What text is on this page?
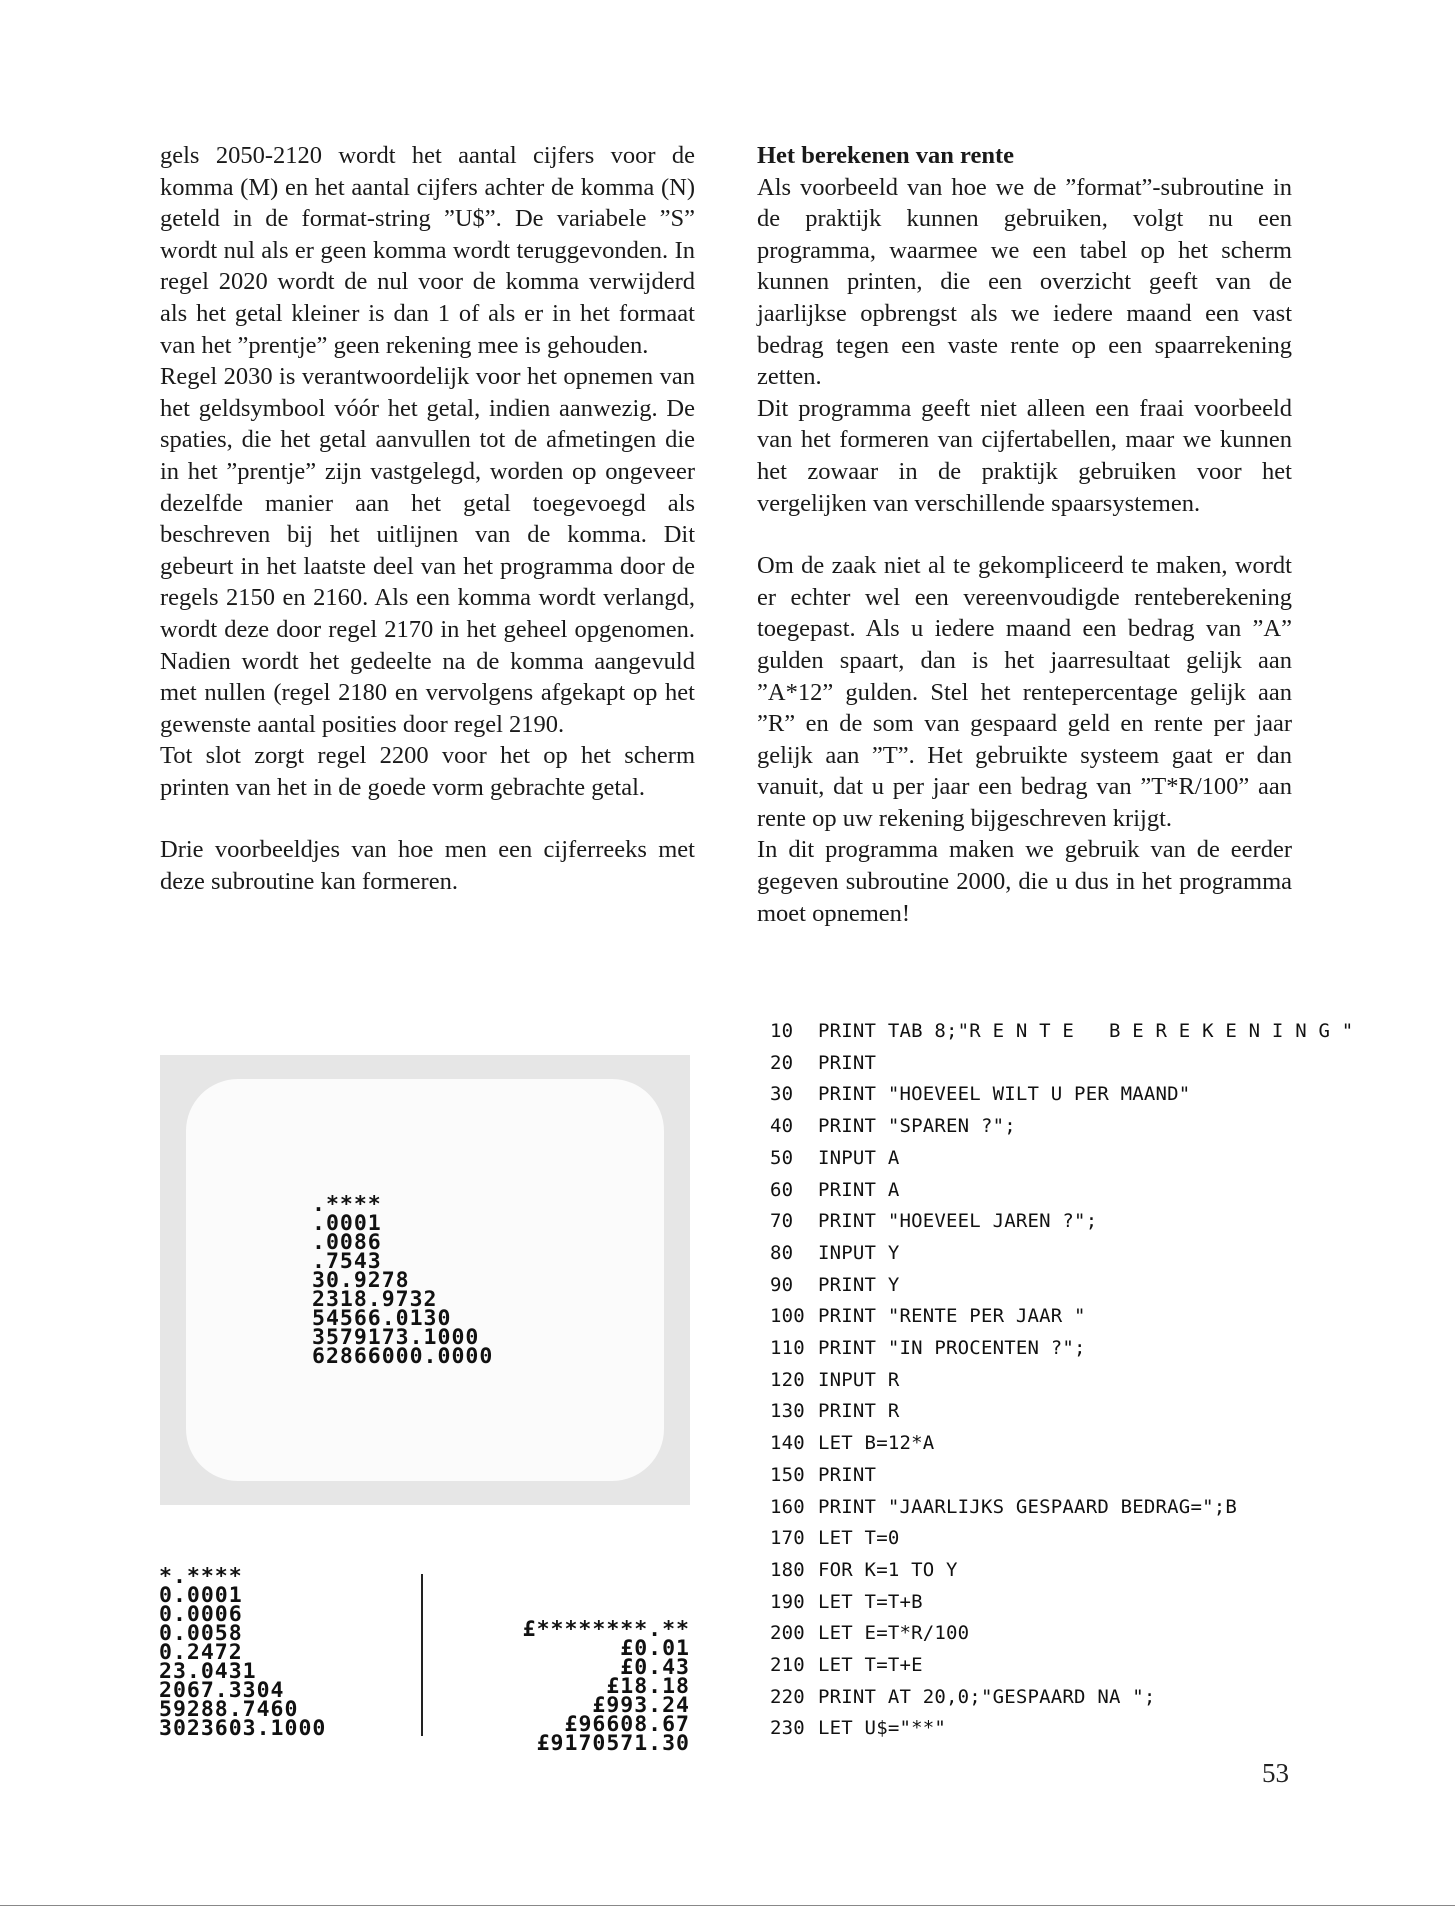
gels 2050-2120 wordt het aantal cijfers voor de komma (M) en het aantal cijfers achter de komma (N) geteld in de format-string ”U$”. De variabele ”S” wordt nul als er geen komma wordt teruggevonden. In regel 2020 wordt de nul voor de komma verwijderd als het getal kleiner is dan 1 of als er in het formaat van het ”prentje” geen rekening mee is gehouden.

Regel 2030 is verantwoordelijk voor het opnemen van het geldsymbool vóór het getal, indien aanwezig. De spaties, die het getal aanvullen tot de afmetingen die in het ”prentje” zijn vastgelegd, worden op ongeveer dezelfde manier aan het getal toegevoegd als beschreven bij het uitlijnen van de komma. Dit gebeurt in het laatste deel van het programma door de regels 2150 en 2160. Als een komma wordt verlangd, wordt deze door regel 2170 in het geheel opgenomen. Nadien wordt het gedeelte na de komma aangevuld met nullen (regel 2180 en vervolgens afgekapt op het gewenste aantal posities door regel 2190.

Tot slot zorgt regel 2200 voor het op het scherm printen van het in de goede vorm gebrachte getal.

Drie voorbeeldjes van hoe men een cijferreeks met deze subroutine kan formeren.

Het berekenen van rente

Als voorbeeld van hoe we de ”format”-subroutine in de praktijk kunnen gebruiken, volgt nu een programma, waarmee we een tabel op het scherm kunnen printen, die een overzicht geeft van de jaarlijkse opbrengst als we iedere maand een vast bedrag tegen een vaste rente op een spaarrekening zetten.

Dit programma geeft niet alleen een fraai voorbeeld van het formeren van cijfertabellen, maar we kunnen het zowaar in de praktijk gebruiken voor het vergelijken van verschillende spaarsystemen.

Om de zaak niet al te gekompliceerd te maken, wordt er echter wel een vereenvoudigde renteberekening toegepast. Als u iedere maand een bedrag van ”A” gulden spaart, dan is het jaarresultaat gelijk aan ”A*12” gulden. Stel het rentepercentage gelijk aan ”R” en de som van gespaard geld en rente per jaar gelijk aan ”T”. Het gebruikte systeem gaat er dan vanuit, dat u per jaar een bedrag van ”T*R/100” aan rente op uw rekening bijgeschreven krijgt.

In dit programma maken we gebruik van de eerder gegeven subroutine 2000, die u dus in het programma moet opnemen!

.****
.0001
.0086
.7543
30.9278
2318.9732
54566.0130
3579173.1000
62866000.0000
*.****
0.0001
0.0006
0.0058
0.2472
23.0431
2067.3304
59288.7460
3023603.1000
£********.**
£0.01
£0.43
£18.18
£993.24
£96608.67
£9170571.30
10 PRINT TAB 8;"R E N T E   B E R E K E N I N G "
20 PRINT
30 PRINT "HOEVEEL WILT U PER MAAND"
40 PRINT "SPAREN ?";
50 INPUT A
60 PRINT A
70 PRINT "HOEVEEL JAREN ?";
80 INPUT Y
90 PRINT Y
100 PRINT "RENTE PER JAAR "
110 PRINT "IN PROCENTEN ?";
120 INPUT R
130 PRINT R
140 LET B=12*A
150 PRINT
160 PRINT "JAARLIJKS GESPAARD BEDRAG=";B
170 LET T=0
180 FOR K=1 TO Y
190 LET T=T+B
200 LET E=T*R/100
210 LET T=T+E
220 PRINT AT 20,0;"GESPAARD NA ";
230 LET U$="**"
53
